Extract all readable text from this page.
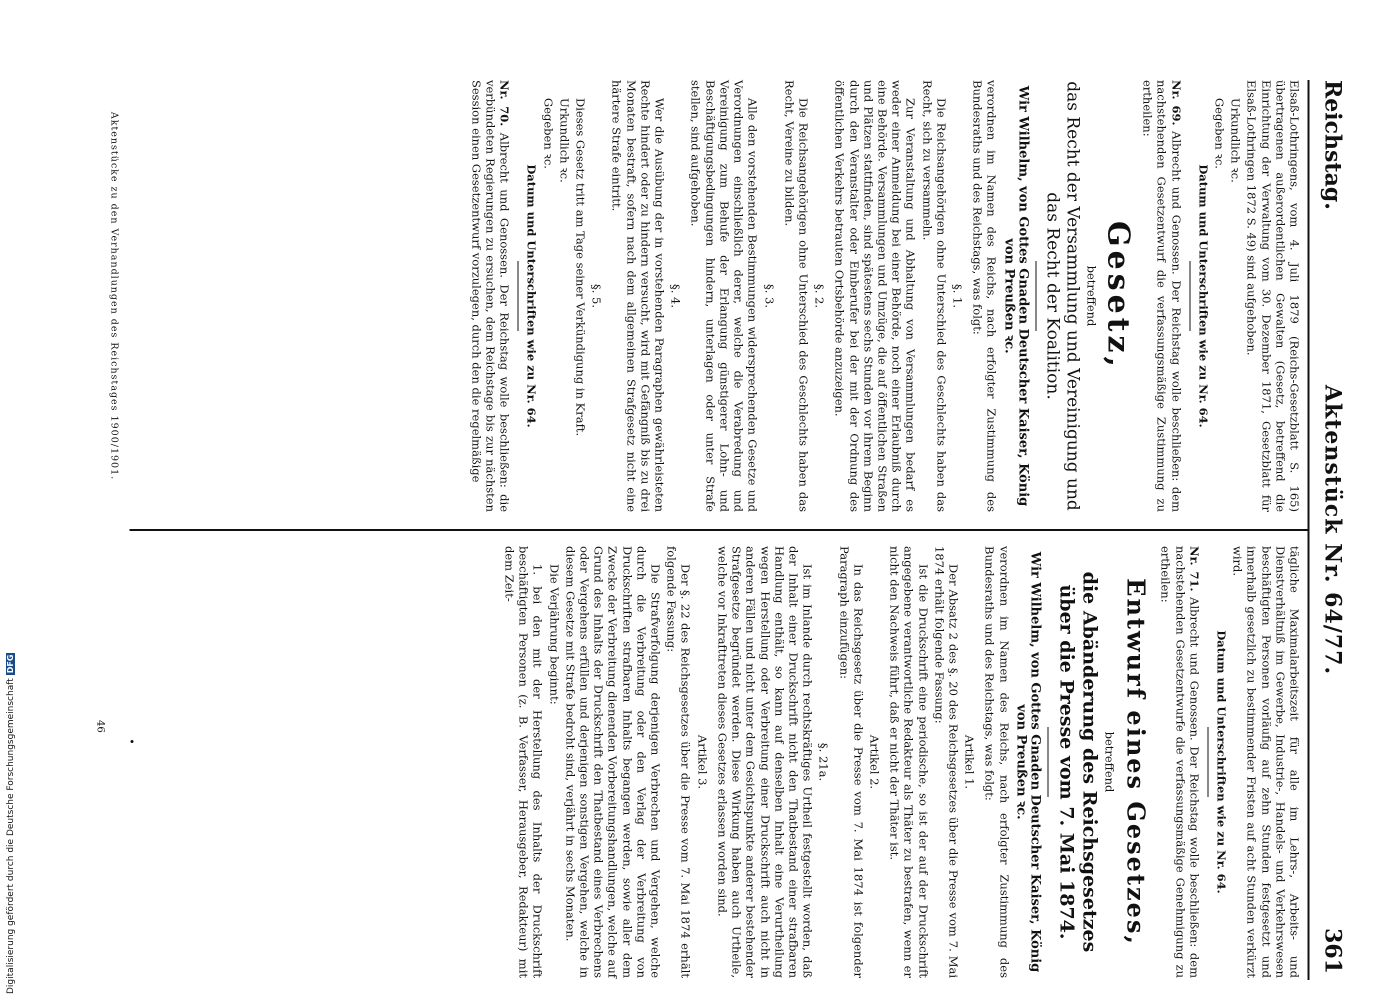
Reichstag.
Aktenstück Nr. 64/77.
361

Elsaß-Lothringens, vom 4. Juli 1879 (Reichs-Gesetzblatt S. 165) übertragenen außerordentlichen Gewalten (Gesetz, betreffend die Einrichtung der Verwaltung vom 30. Dezember 1871, Gesetzblatt für Elsaß-Lothringen 1872 S. 49) sind aufgehoben.

Urkundlich ꝛc.

Gegeben ꝛc.

Datum und Unterschriften wie zu Nr. 64.

Nr. 69. Albrecht und Genossen. Der Reichstag wolle beschließen: dem nachstehenden Gesetzentwurf die verfassungsmäßige Zustimmung zu ertheilen:

Gesetz,

betreffend

das Recht der Versammlung und Vereinigung und das Recht der Koalition.

Wir Wilhelm, von Gottes Gnaden Deutscher Kaiser, König von Preußen ꝛc.

verordnen im Namen des Reichs, nach erfolgter Zustimmung des Bundesraths und des Reichstags, was folgt:

§. 1.

Die Reichsangehörigen ohne Unterschied des Geschlechts haben das Recht, sich zu versammeln.

Zur Veranstaltung und Abhaltung von Versammlungen bedarf es weder einer Anmeldung bei einer Behörde, noch einer Erlaubniß durch eine Behörde. Versammlungen und Umzüge, die auf öffentlichen Straßen und Plätzen stattfinden, sind spätestens sechs Stunden vor ihrem Beginn durch den Veranstalter oder Einberufer bei der mit der Ordnung des öffentlichen Verkehrs betrauten Ortsbehörde anzuzeigen.

§. 2.

Die Reichsangehörigen ohne Unterschied des Geschlechts haben das Recht, Vereine zu bilden.

§. 3.

Alle den vorstehenden Bestimmungen widersprechenden Gesetze und Verordnungen einschließlich derer, welche die Verabredung und Vereinigung zum Behufe der Erlangung günstigerer Lohn- und Beschäftigungsbedingungen hindern, unterlagen oder unter Strafe stellen, sind aufgehoben.

§. 4.

Wer die Ausübung der in vorstehenden Paragraphen gewährleisteten Rechte hindert oder zu hindern versucht, wird mit Gefängniß bis zu drei Monaten bestraft, sofern nach dem allgemeinen Strafgesetz nicht eine härtere Strafe eintritt.

§. 5.

Dieses Gesetz tritt am Tage seiner Verkündigung in Kraft.

Urkundlich ꝛc.

Gegeben ꝛc.

Datum und Unterschriften wie zu Nr. 64.

Nr. 70. Albrecht und Genossen. Der Reichstag wolle beschließen: die verbündeten Regierungen zu ersuchen, dem Reichstage bis zur nächsten Session einen Gesetzentwurf vorzulegen, durch den die regelmäßige

tägliche Maximalarbeitszeit für alle im Lehrs-, Arbeits- und Dienstverhältniß im Gewerbe, Industrie-, Handels- und Verkehrswesen beschäftigten Personen vorläufig auf zehn Stunden festgesetzt und innerhalb gesetzlich zu bestimmender Fristen auf acht Stunden verkürzt wird.

Datum und Unterschriften wie zu Nr. 64.

Nr. 71. Albrecht und Genossen. Der Reichstag wolle beschließen: dem nachstehenden Gesetzentwurfe die verfassungsmäßige Genehmigung zu ertheilen:

Entwurf eines Gesetzes,

betreffend

die Abänderung des Reichsgesetzes über die Presse vom 7. Mai 1874.

Wir Wilhelm, von Gottes Gnaden Deutscher Kaiser, König von Preußen ꝛc.

verordnen im Namen des Reichs, nach erfolgter Zustimmung des Bundesraths und des Reichstags, was folgt:

Artikel 1.

Der Absatz 2 des §. 20 des Reichsgesetzes über die Presse vom 7. Mai 1874 erhält folgende Fassung:

Ist die Druckschrift eine periodische, so ist der auf der Druckschrift angegebene verantwortliche Redakteur als Thäter zu bestrafen, wenn er nicht den Nachweis führt, daß er nicht der Thäter ist.

Artikel 2.

In das Reichsgesetz über die Presse vom 7. Mai 1874 ist folgender Paragraph einzufügen:

§. 21a.

Ist im Inlande durch rechtskräftiges Urtheil festgestellt worden, daß der Inhalt einer Druckschrift nicht den Thatbestand einer strafbaren Handlung enthält, so kann auf denselben Inhalt eine Verurtheilung wegen Herstellung oder Verbreitung einer Druckschrift auch nicht in anderen Fällen und nicht unter dem Gesichtspunkte anderer bestehender Strafgesetze begründet werden. Diese Wirkung haben auch Urtheile, welche vor Inkrafttreten dieses Gesetzes erlassen worden sind.

Artikel 3.

Der §. 22 des Reichsgesetzes über die Presse vom 7. Mai 1874 erhält folgende Fassung:

Die Strafverfolgung derjenigen Verbrechen und Vergehen, welche durch die Verbreitung oder den Verlag der Verbreitung von Druckschriften strafbaren Inhalts begangen werden, sowie aller dem Zwecke der Verbreitung dienenden Vorbereitungshandlungen, welche auf Grund des Inhalts der Druckschrift den Thatbestand eines Verbrechens oder Vergehens erfüllen und derjenigen sonstigen Vergehen, welche in diesem Gesetze mit Strafe bedroht sind, verjährt in sechs Monaten.

Die Verjährung beginnt:

1. bei den mit der Herstellung des Inhalts der Druckschrift beschäftigten Personen (z. B. Verfasser, Herausgeber, Redakteur) mit dem Zeit-

Aktenstücke zu den Verhandlungen des Reichstages 1900/1901.
46
Digitalisierung gefördert durch die Deutsche ForschungsgemeinschaftDFG
